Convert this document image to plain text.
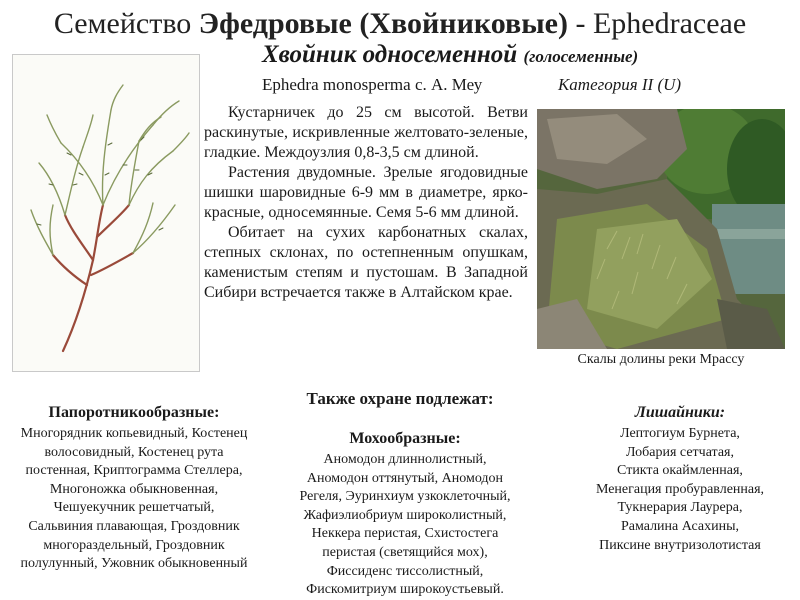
Семейство Эфедровые (Хвойниковые) - Ephedraceae
Хвойник односеменной (голосеменные)
Ephedra monosperma с. А. Меу	Категория II (U)

Кустарничек до 25 см высотой. Ветви раскинутые, искривленные желтовато-зеленые, гладкие. Междоузлия 0,8-3,5 см длиной.

Растения двудомные. Зрелые ягодовидные шишки шаровидные 6-9 мм в диаметре, ярко-красные, односемянные. Семя 5-6 мм длиной.

Обитает на сухих карбонатных скалах, степных склонах, по остепненным опушкам, каменистым степям и пустошам. В Западной Сибири встречается также в Алтайском крае.

Скалы долины реки Мрассу
Также охране подлежат:
Папоротникообразные:
Многорядник копьевидный, Костенец
волосовидный, Костенец рута
постенная, Криптограмма Стеллера,
Многоножка обыкновенная,
Чешуекучник решетчатый,
Сальвиния плавающая, Гроздовник
многораздельный, Гроздовник
полулунный, Ужовник обыкновенный
Мохообразные:
Аномодон длиннолистный,
Аномодон оттянутый, Аномодон
Регеля, Эуринхиум узкоклеточный,
Жафиэлиобриум широколистный,
Неккера перистая, Схистостега
перистая (светящийся мох),
Фиссиденс тиссолистный,
Фискомитриум широкоустьевый.
Лишайники:
Лептогиум Бурнета,
Лобария сетчатая,
Стикта окаймленная,
Менегация пробуравленная,
Тукнерария Лаурера,
Рамалина Асахины,
Пиксине внутризолотистая
